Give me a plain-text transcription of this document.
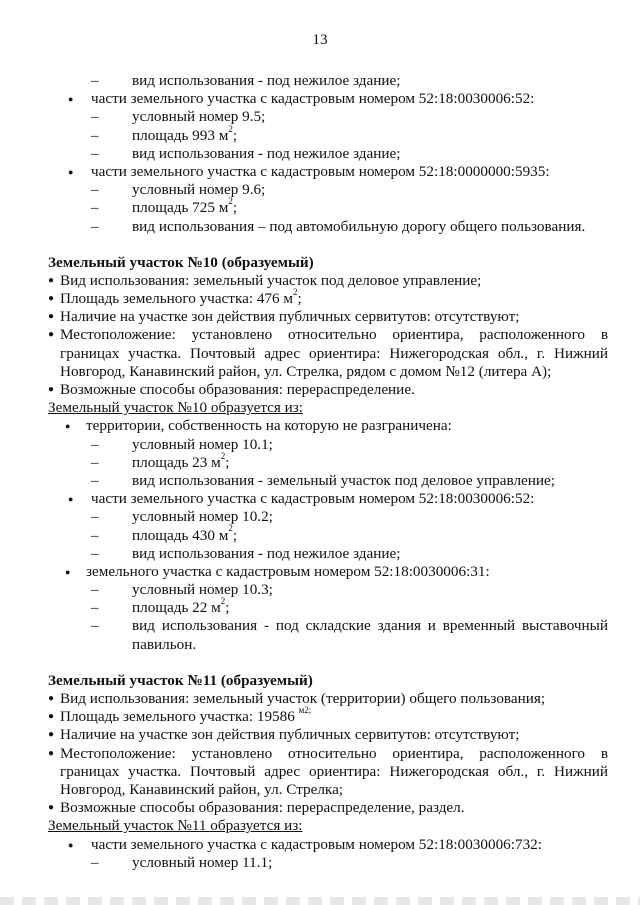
13
– вид использования - под нежилое здание;
● части земельного участка с кадастровым номером 52:18:0030006:52:
– условный номер 9.5;
– площадь 993 $м^2$;
– вид использования - под нежилое здание;
● части земельного участка с кадастровым номером 52:18:0000000:5935:
– условный номер 9.6;
– площадь 725 $м^2$;
– вид использования – под автомобильную дорогу общего пользования.
Земельный участок №10 (образуемый)
● Вид использования: земельный участок под деловое управление;
● Площадь земельного участка: 476 $м^2$;
● Наличие на участке зон действия публичных сервитутов: отсутствуют;
● Местоположение: установлено относительно ориентира, расположенного в границах участка. Почтовый адрес ориентира: Нижегородская обл., г. Нижний Новгород, Канавинский район, ул. Стрелка, рядом с домом №12 (литера А);
● Возможные способы образования: перераспределение.
Земельный участок №10 образуется из:
● территории, собственность на которую не разграничена:
– условный номер 10.1;
– площадь 23 $м^2$;
– вид использования - земельный участок под деловое управление;
● части земельного участка с кадастровым номером 52:18:0030006:52:
– условный номер 10.2;
– площадь 430 $м^2$;
– вид использования - под нежилое здание;
● земельного участка с кадастровым номером 52:18:0030006:31:
– условный номер 10.3;
– площадь 22 $м^2$;
– вид использования - под складские здания и временный выставочный павильон.
Земельный участок №11 (образуемый)
● Вид использования: земельный участок (территории) общего пользования;
● Площадь земельного участка: 19586 $^{м2;}$
● Наличие на участке зон действия публичных сервитутов: отсутствуют;
● Местоположение: установлено относительно ориентира, расположенного в границах участка. Почтовый адрес ориентира: Нижегородская обл., г. Нижний Новгород, Канавинский район, ул. Стрелка;
● Возможные способы образования: перераспределение, раздел.
Земельный участок №11 образуется из:
● части земельного участка с кадастровым номером 52:18:0030006:732:
– условный номер 11.1;
